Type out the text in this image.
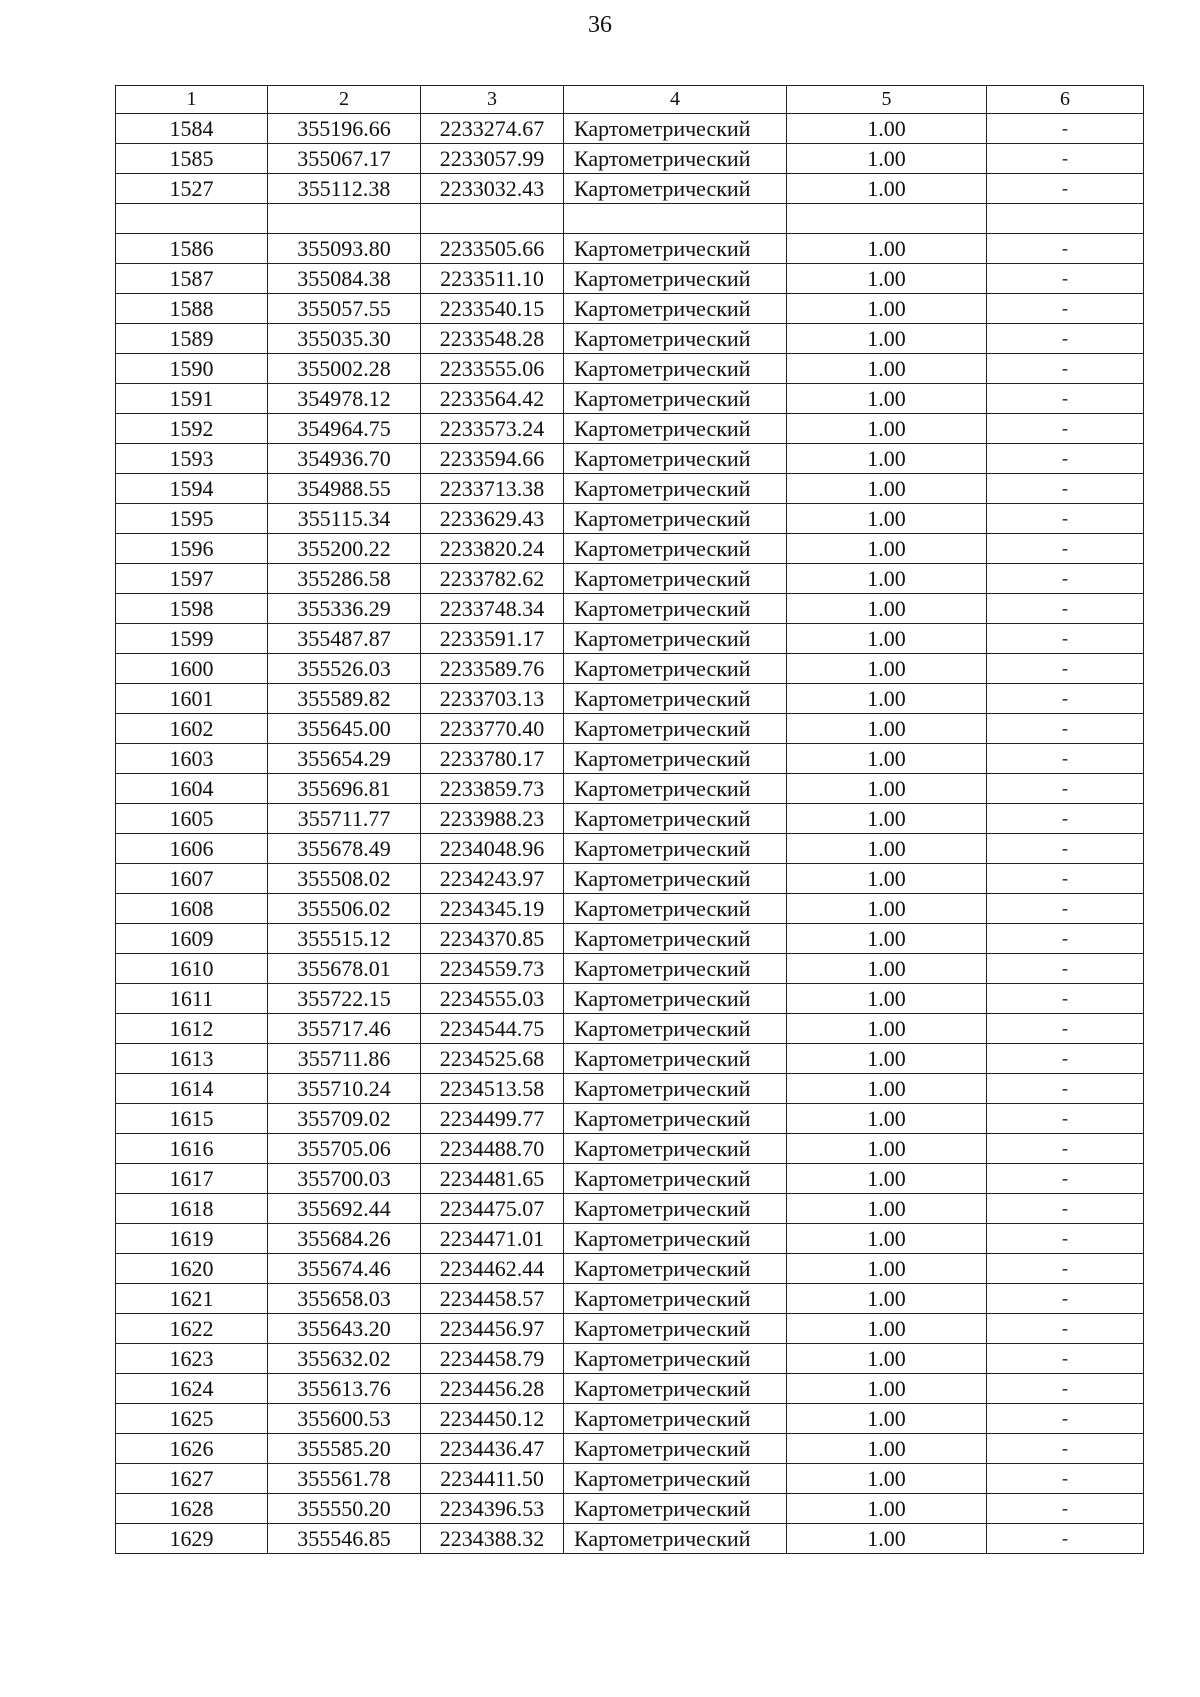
36
1	2	3	4	5	6
1584	355196.66	2233274.67	Картометрический	1.00	-
1585	355067.17	2233057.99	Картометрический	1.00	-
1527	355112.38	2233032.43	Картометрический	1.00	-

1586	355093.80	2233505.66	Картометрический	1.00	-
1587	355084.38	2233511.10	Картометрический	1.00	-
1588	355057.55	2233540.15	Картометрический	1.00	-
1589	355035.30	2233548.28	Картометрический	1.00	-
1590	355002.28	2233555.06	Картометрический	1.00	-
1591	354978.12	2233564.42	Картометрический	1.00	-
1592	354964.75	2233573.24	Картометрический	1.00	-
1593	354936.70	2233594.66	Картометрический	1.00	-
1594	354988.55	2233713.38	Картометрический	1.00	-
1595	355115.34	2233629.43	Картометрический	1.00	-
1596	355200.22	2233820.24	Картометрический	1.00	-
1597	355286.58	2233782.62	Картометрический	1.00	-
1598	355336.29	2233748.34	Картометрический	1.00	-
1599	355487.87	2233591.17	Картометрический	1.00	-
1600	355526.03	2233589.76	Картометрический	1.00	-
1601	355589.82	2233703.13	Картометрический	1.00	-
1602	355645.00	2233770.40	Картометрический	1.00	-
1603	355654.29	2233780.17	Картометрический	1.00	-
1604	355696.81	2233859.73	Картометрический	1.00	-
1605	355711.77	2233988.23	Картометрический	1.00	-
1606	355678.49	2234048.96	Картометрический	1.00	-
1607	355508.02	2234243.97	Картометрический	1.00	-
1608	355506.02	2234345.19	Картометрический	1.00	-
1609	355515.12	2234370.85	Картометрический	1.00	-
1610	355678.01	2234559.73	Картометрический	1.00	-
1611	355722.15	2234555.03	Картометрический	1.00	-
1612	355717.46	2234544.75	Картометрический	1.00	-
1613	355711.86	2234525.68	Картометрический	1.00	-
1614	355710.24	2234513.58	Картометрический	1.00	-
1615	355709.02	2234499.77	Картометрический	1.00	-
1616	355705.06	2234488.70	Картометрический	1.00	-
1617	355700.03	2234481.65	Картометрический	1.00	-
1618	355692.44	2234475.07	Картометрический	1.00	-
1619	355684.26	2234471.01	Картометрический	1.00	-
1620	355674.46	2234462.44	Картометрический	1.00	-
1621	355658.03	2234458.57	Картометрический	1.00	-
1622	355643.20	2234456.97	Картометрический	1.00	-
1623	355632.02	2234458.79	Картометрический	1.00	-
1624	355613.76	2234456.28	Картометрический	1.00	-
1625	355600.53	2234450.12	Картометрический	1.00	-
1626	355585.20	2234436.47	Картометрический	1.00	-
1627	355561.78	2234411.50	Картометрический	1.00	-
1628	355550.20	2234396.53	Картометрический	1.00	-
1629	355546.85	2234388.32	Картометрический	1.00	-
